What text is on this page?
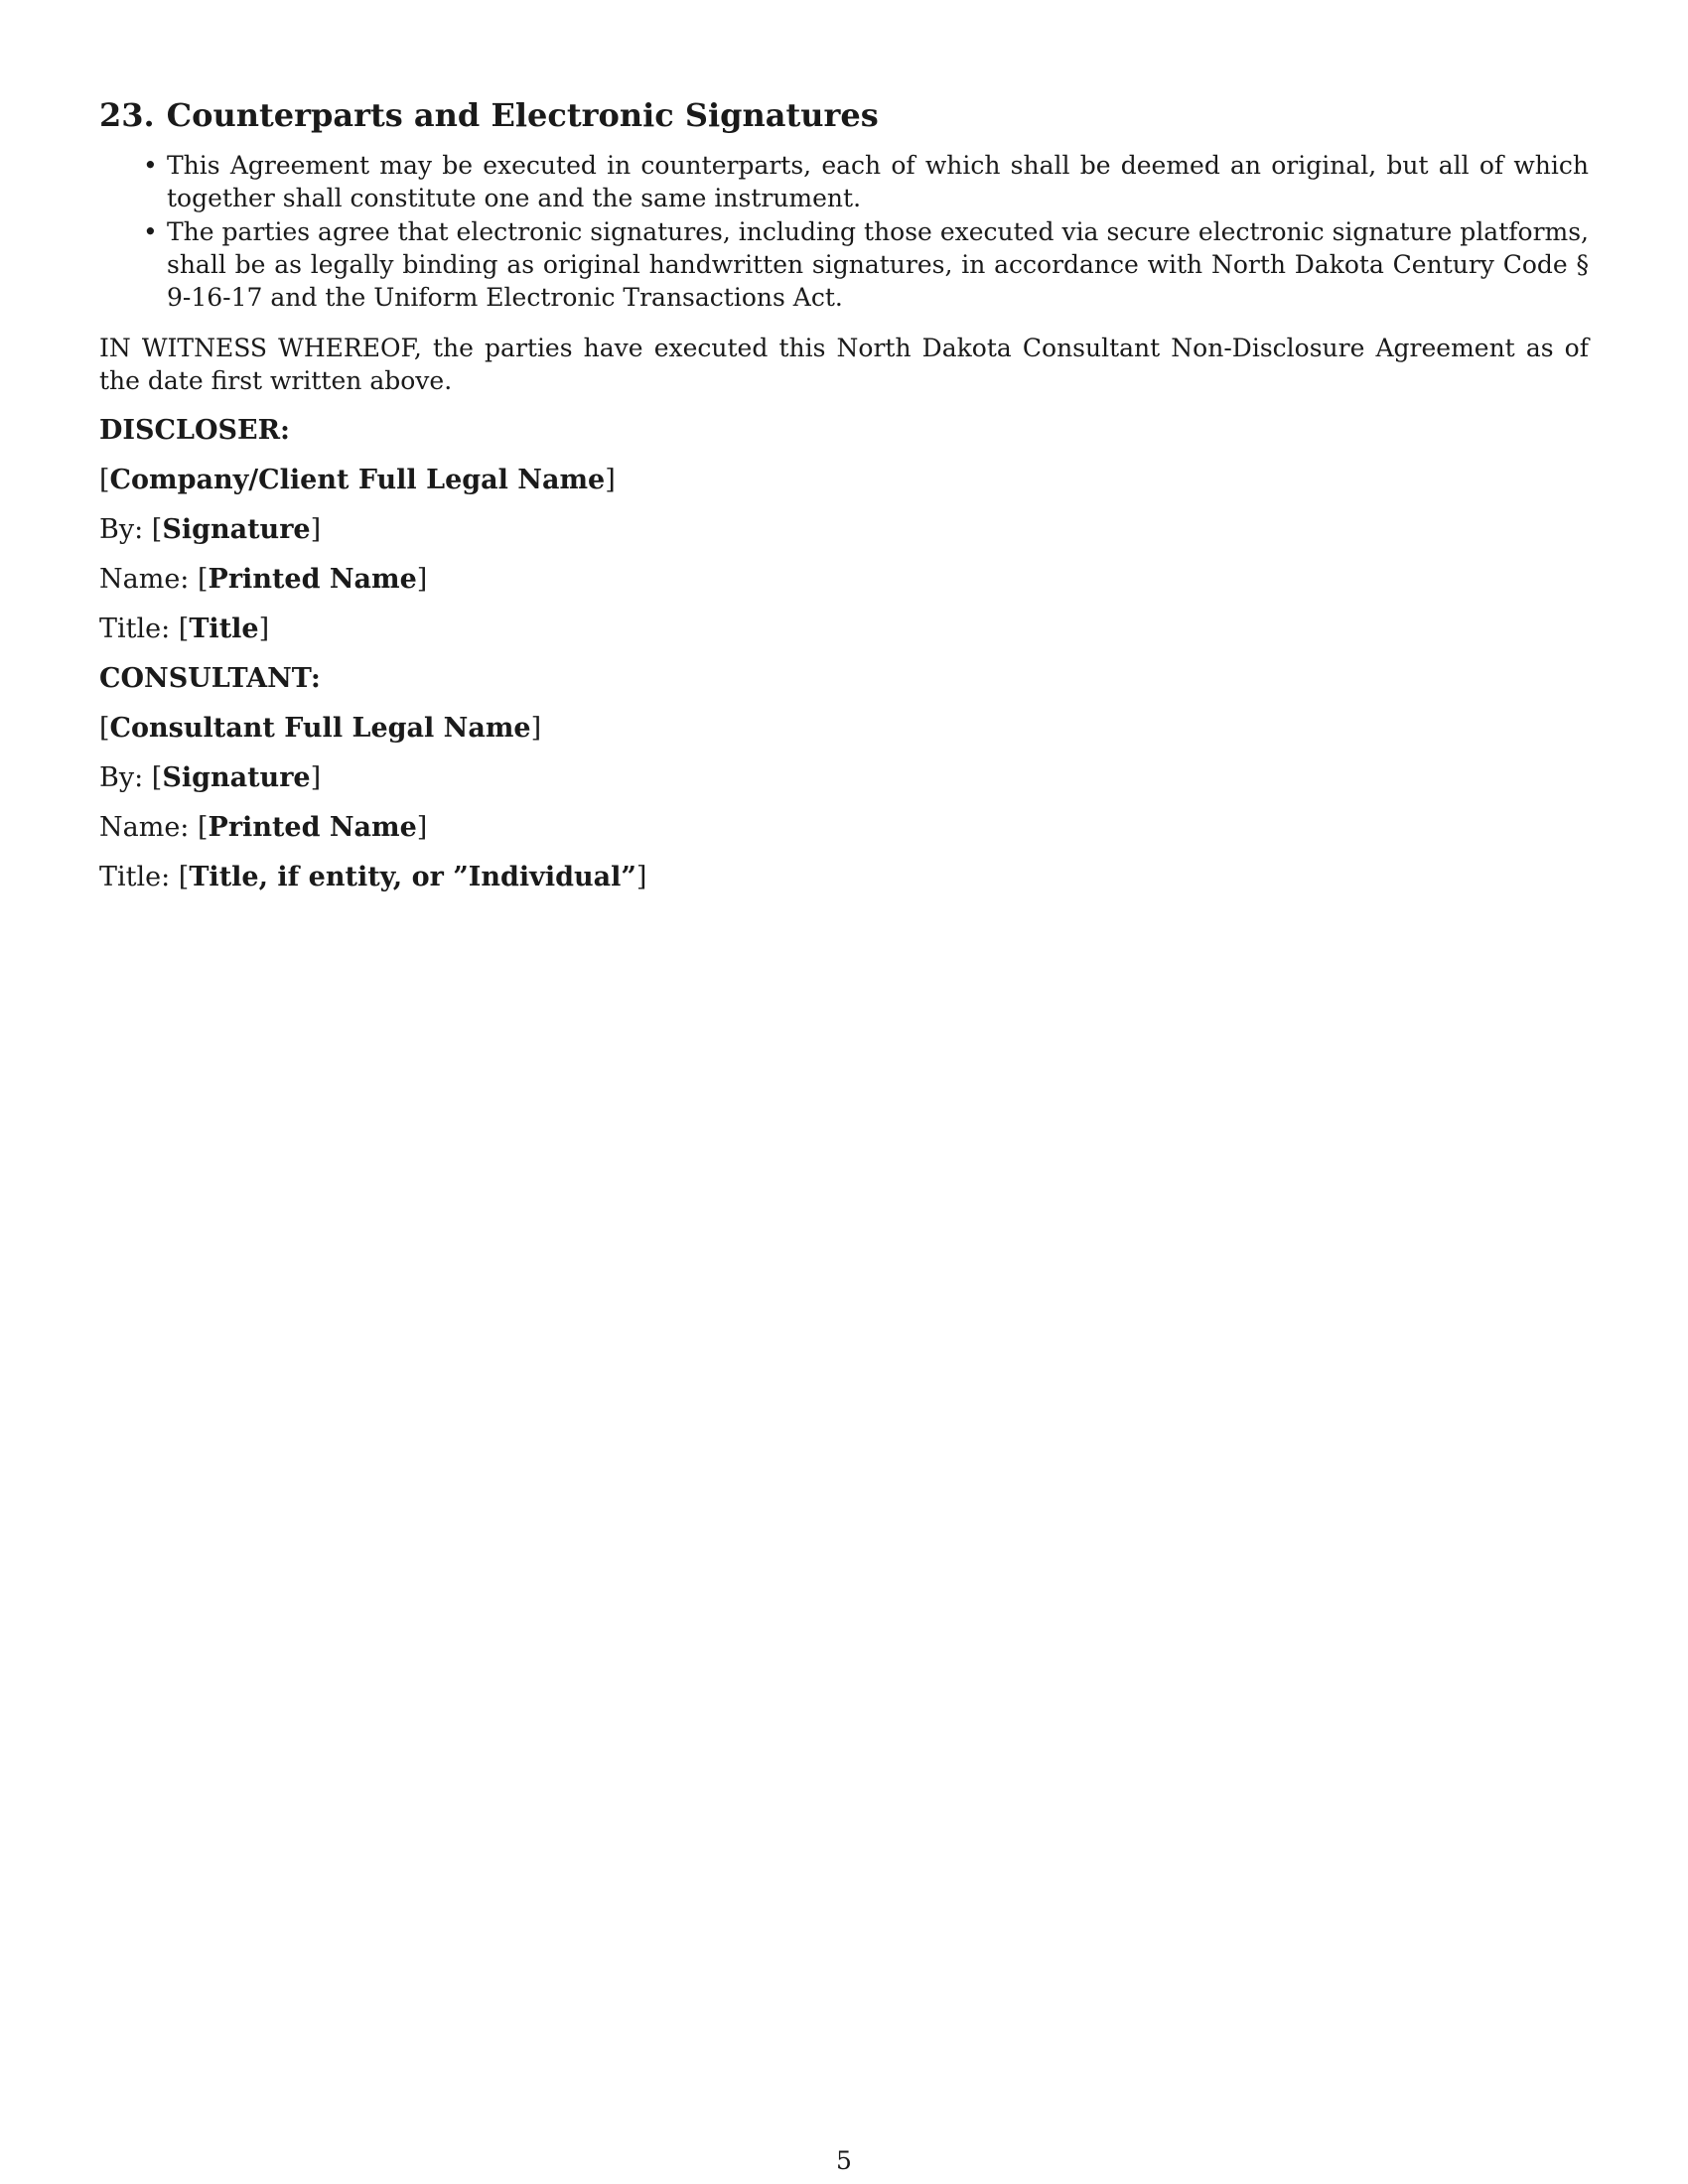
23. Counterparts and Electronic Signatures
• This Agreement may be executed in counterparts, each of which shall be deemed an original, but all of which together shall constitute one and the same instrument.
• The parties agree that electronic signatures, including those executed via secure electronic signature platforms, shall be as legally binding as original handwritten signatures, in accordance with North Dakota Century Code § 9-16-17 and the Uniform Electronic Transactions Act.

IN WITNESS WHEREOF, the parties have executed this North Dakota Consultant Non-Disclosure Agreement as of the date first written above.

DISCLOSER:

[Company/Client Full Legal Name]

By: [Signature]

Name: [Printed Name]

Title: [Title]

CONSULTANT:

[Consultant Full Legal Name]

By: [Signature]

Name: [Printed Name]

Title: [Title, if entity, or ”Individual”]

5
